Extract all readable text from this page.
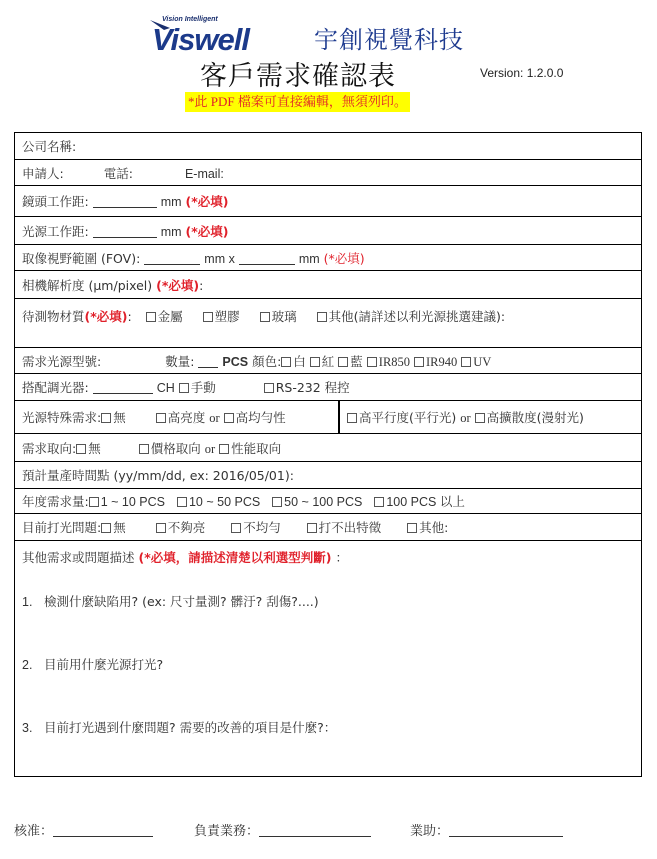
Vision Intelligent
Viswell	宇創視覺科技
客戶需求確認表	Version: 1.2.0.0
*此 PDF 檔案可直接編輯，無須列印。
公司名稱:
申請人:	電話:	E-mail:
鏡頭工作距:	mm (*必填)
光源工作距:	mm (*必填)
取像視野範圍 (FOV):	mm x	mm (*必填)
相機解析度 (μm/pixel) (*必填):
待測物材質(*必填): 金屬	塑膠	玻璃	其他(請詳述以利光源挑選建議):
需求光源型號:	數量: PCS 顏色: 白 紅 藍 IR850 IR940 UV
搭配調光器:	CH 手動	RS-232 程控
光源特殊需求: 無	高亮度 or 高均勻性	高平行度(平行光) or 高擴散度(漫射光)
需求取向: 無	價格取向 or 性能取向
預計量產時間點 (yy/mm/dd, ex: 2016/05/01):
年度需求量: 1 ~ 10 PCS 10 ~ 50 PCS 50 ~ 100 PCS 100 PCS 以上
目前打光問題: 無	不夠亮	不均勻	打不出特徵	其他:
其他需求或問題描述 (*必填，請描述清楚以利選型判斷) ：
1. 檢測什麼缺陷用? (ex: 尺寸量測? 髒汙? 刮傷?....)
2. 目前用什麼光源打光?
3. 目前打光遇到什麼問題? 需要的改善的項目是什麼?：
核准：	負責業務：	業助：
